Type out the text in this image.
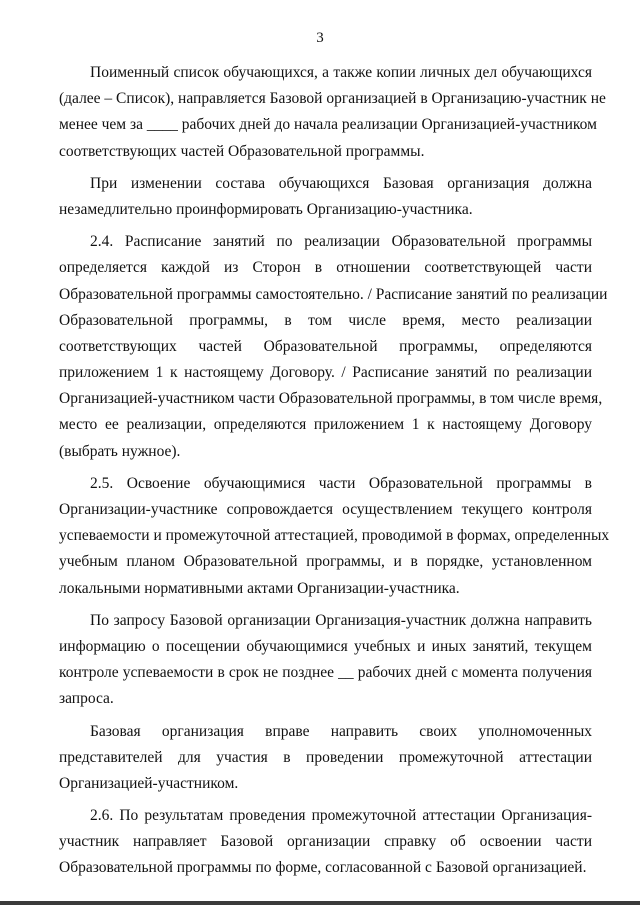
3
Поименный список обучающихся, а также копии личных дел обучающихся
(далее – Список), направляется Базовой организацией в Организацию-участник не
менее чем за ____ рабочих дней до начала реализации Организацией-участником
соответствующих частей Образовательной программы.
При изменении состава обучающихся Базовая организация должна
незамедлительно проинформировать Организацию-участника.
2.4. Расписание занятий по реализации Образовательной программы
определяется каждой из Сторон в отношении соответствующей части
Образовательной программы самостоятельно. / Расписание занятий по реализации
Образовательной программы, в том числе время, место реализации
соответствующих частей Образовательной программы, определяются
приложением 1 к настоящему Договору. / Расписание занятий по реализации
Организацией-участником части Образовательной программы, в том числе время,
место ее реализации, определяются приложением 1 к настоящему Договору
(выбрать нужное).
2.5. Освоение обучающимися части Образовательной программы в
Организации-участнике сопровождается осуществлением текущего контроля
успеваемости и промежуточной аттестацией, проводимой в формах, определенных
учебным планом Образовательной программы, и в порядке, установленном
локальными нормативными актами Организации-участника.
По запросу Базовой организации Организация-участник должна направить
информацию о посещении обучающимися учебных и иных занятий, текущем
контроле успеваемости в срок не позднее __ рабочих дней с момента получения
запроса.
Базовая организация вправе направить своих уполномоченных
представителей для участия в проведении промежуточной аттестации
Организацией-участником.
2.6. По результатам проведения промежуточной аттестации Организация-
участник направляет Базовой организации справку об освоении части
Образовательной программы по форме, согласованной с Базовой организацией.
